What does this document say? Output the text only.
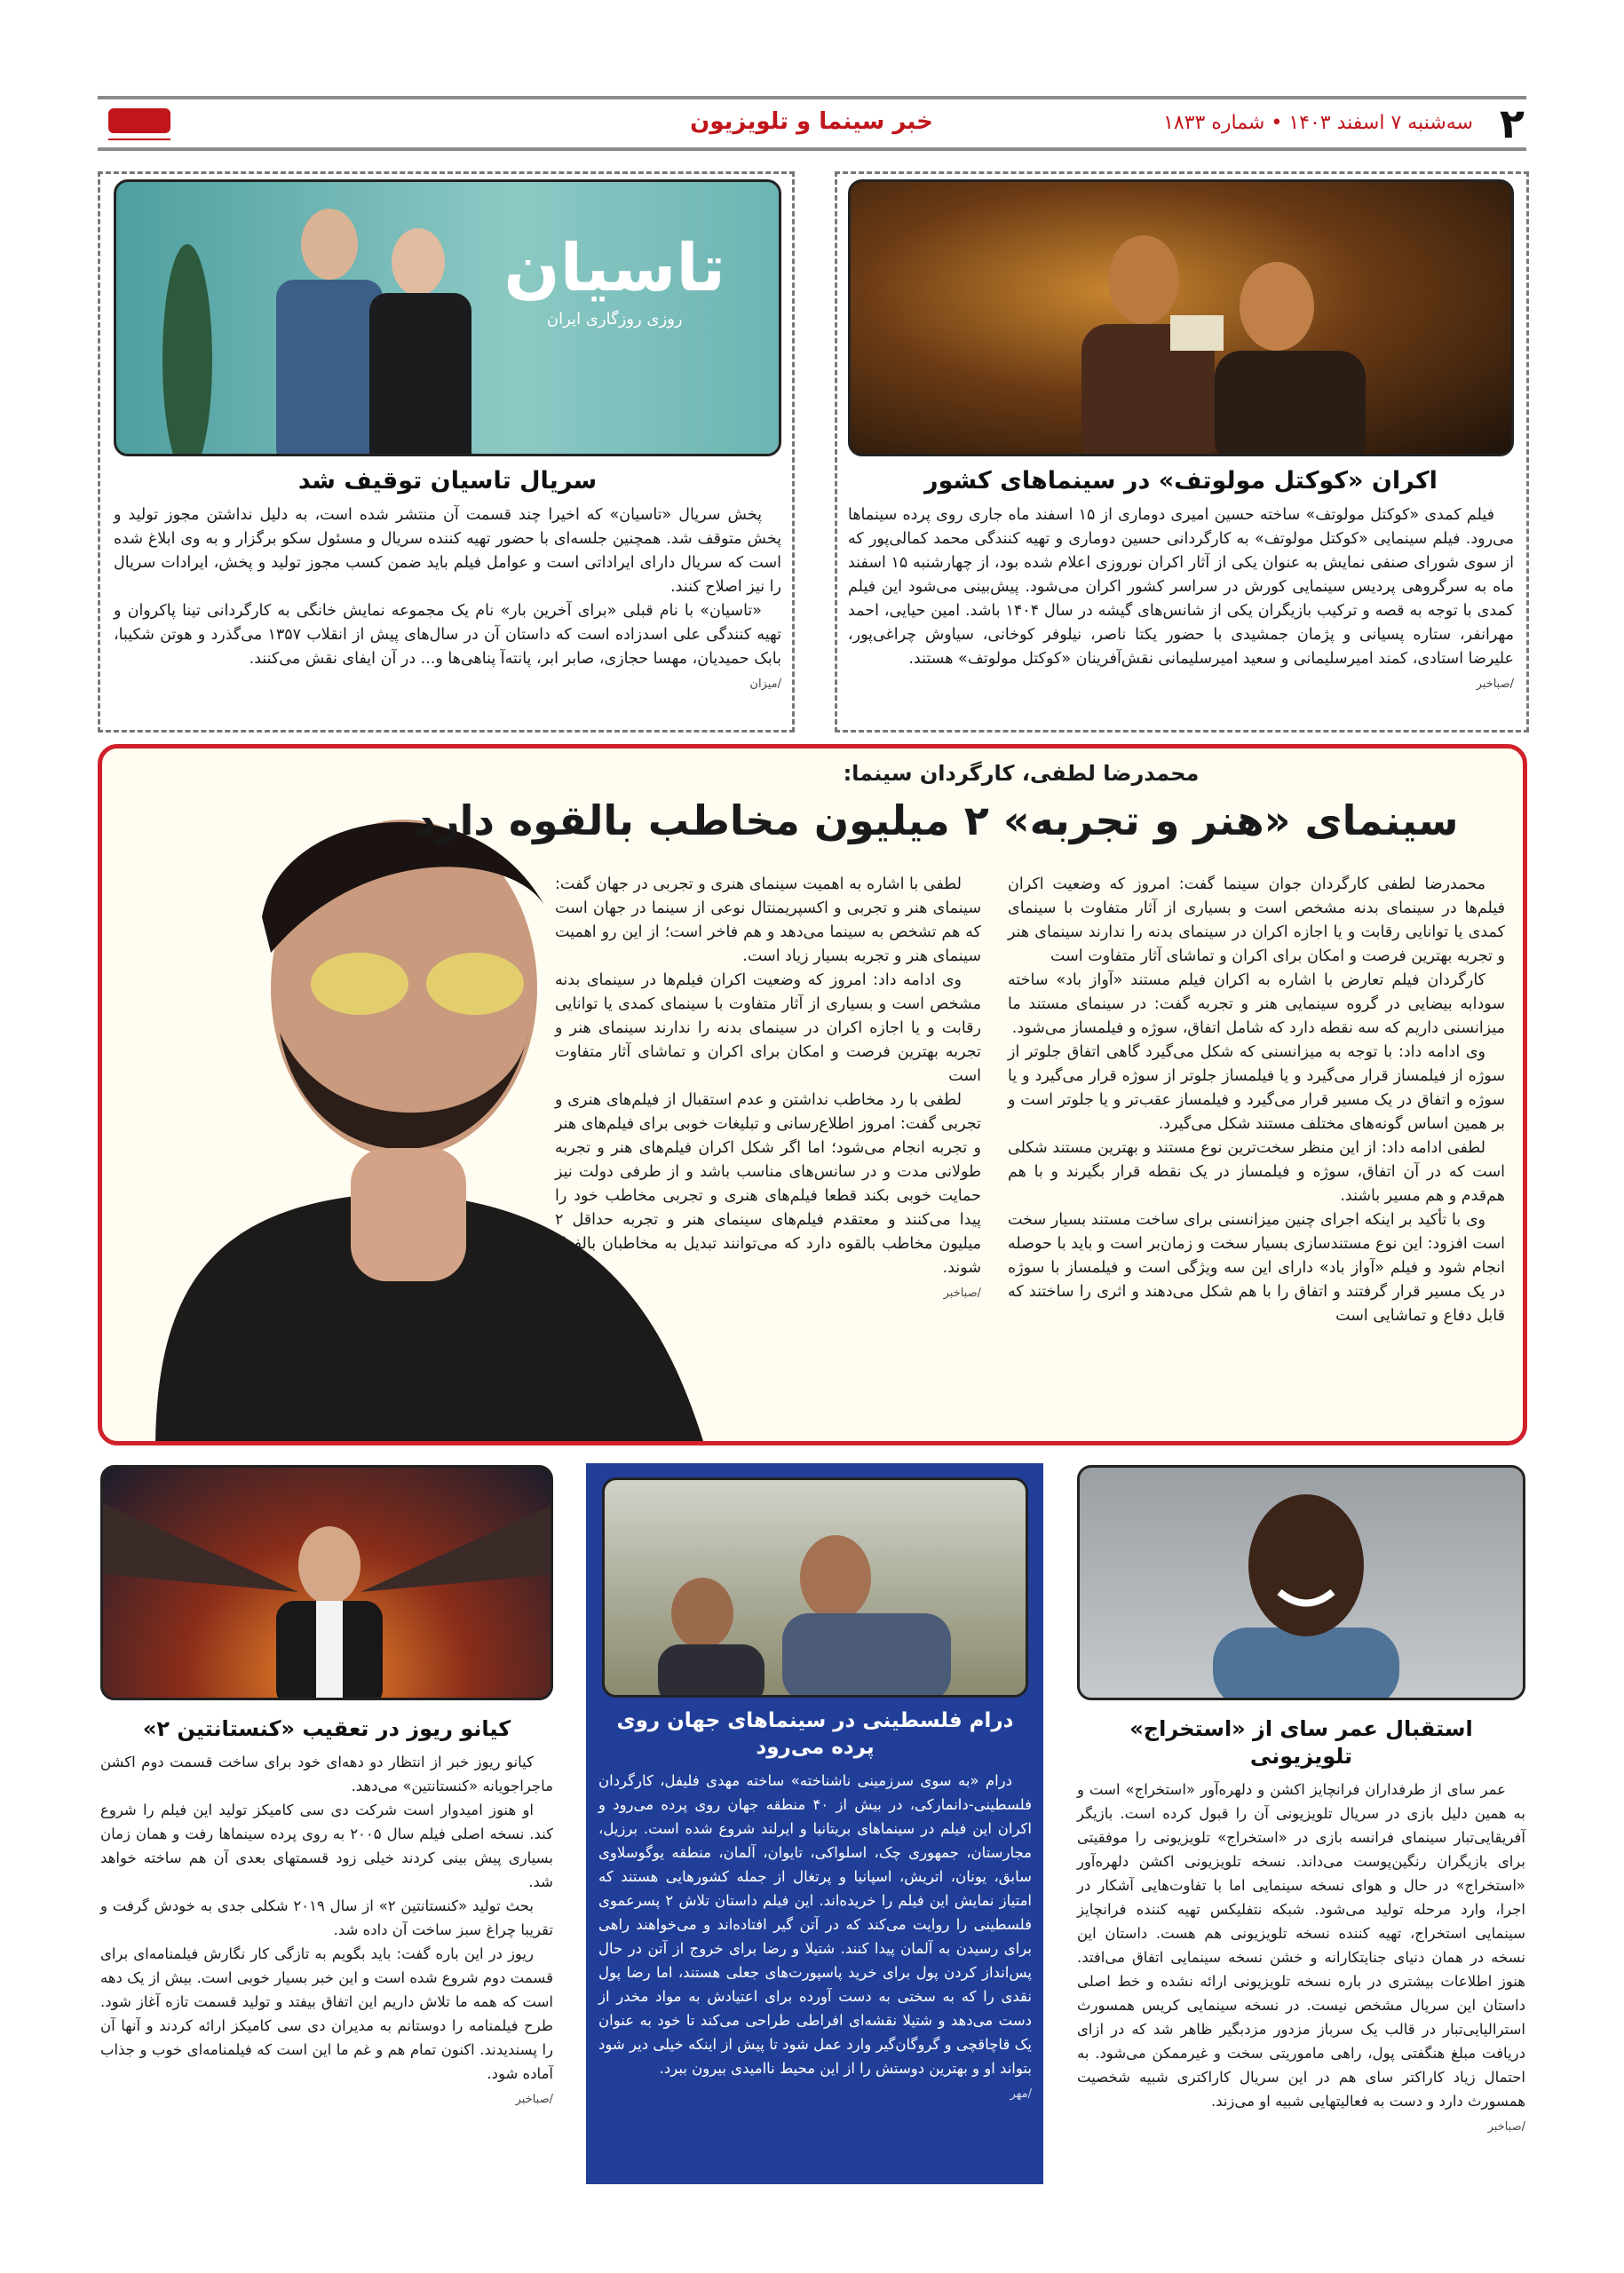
۲
سه‌شنبه ۷ اسفند ۱۴۰۳ • شماره ۱۸۳۳
خبر سینما و تلویزیون
اکران «کوکتل مولوتف» در سینماهای کشور

فیلم کمدی «کوکتل مولوتف» ساخته حسین امیری دوماری از ۱۵ اسفند ماه جاری روی پرده سینماها می‌رود. فیلم سینمایی «کوکتل مولوتف» به کارگردانی حسین دوماری و تهیه کنندگی محمد کمالی‌پور که از سوی شورای صنفی نمایش به عنوان یکی از آثار اکران نوروزی اعلام شده بود، از چهارشنبه ۱۵ اسفند ماه به سرگروهی پردیس سینمایی کورش در سراسر کشور اکران می‌شود. پیش‌بینی می‌شود این فیلم کمدی با توجه به قصه و ترکیب بازیگران یکی از شانس‌های گیشه در سال ۱۴۰۴ باشد. امین حیایی، احمد مهرانفر، ستاره پسیانی و پژمان جمشیدی با حضور یکتا ناصر، نیلوفر کوخانی، سیاوش چراغی‌پور، علیرضا استادی، کمند امیرسلیمانی و سعید امیرسلیمانی نقش‌آفرینان «کوکتل مولوتف» هستند.

/صباخبر
تاسیان
روزی روزگاری ایران
سریال تاسیان توقیف شد

پخش سریال «تاسیان» که اخیرا چند قسمت آن منتشر شده است، به دلیل نداشتن مجوز تولید و پخش متوقف شد. همچنین جلسه‌ای با حضور تهیه کننده سریال و مسئول سکو برگزار و به وی ابلاغ شده است که سریال دارای ایراداتی است و عوامل فیلم باید ضمن کسب مجوز تولید و پخش، ایرادات سریال را نیز اصلاح کنند.

«تاسیان» با نام قبلی «برای آخرین بار» نام یک مجموعه نمایش خانگی به کارگردانی تینا پاکروان و تهیه کنندگی علی اسدزاده است که داستان آن در سال‌های پیش از انقلاب ۱۳۵۷ می‌گذرد و هوتن شکیبا، بابک حمیدیان، مهسا حجازی، صابر ابر، پانته‌آ پناهی‌ها و... در آن ایفای نقش می‌کنند.

/میزان
محمدرضا لطفی، کارگردان سینما:
سینمای «هنر و تجربه» ۲ میلیون مخاطب بالقوه دارد

محمدرضا لطفی کارگردان جوان سینما گفت: امروز که وضعیت اکران فیلم‌ها در سینمای بدنه مشخص است و بسیاری از آثار متفاوت با سینمای کمدی یا توانایی رقابت و یا اجازه اکران در سینمای بدنه را ندارند سینمای هنر و تجربه بهترین فرصت و امکان برای اکران و تماشای آثار متفاوت است

کارگردان فیلم تعارض با اشاره به اکران فیلم مستند «آواز باد» ساخته سودابه بیضایی در گروه سینمایی هنر و تجربه گفت: در سینمای مستند ما میزانسنی داریم که سه نقطه دارد که شامل اتفاق، سوژه و فیلمساز می‌شود.

وی ادامه داد: با توجه به میزانسنی که شکل می‌گیرد گاهی اتفاق جلوتر از سوژه از فیلمساز قرار می‌گیرد و یا فیلمساز جلوتر از سوژه قرار می‌گیرد و یا سوژه و اتفاق در یک مسیر قرار می‌گیرد و فیلمساز عقب‌تر و یا جلوتر است و بر همین اساس گونه‌های مختلف مستند شکل می‌گیرد.

لطفی ادامه داد: از این منظر سخت‌ترین نوع مستند و بهترین مستند شکلی است که در آن اتفاق، سوژه و فیلمساز در یک نقطه قرار بگیرند و با هم هم‌قدم و هم مسیر باشند.

وی با تأکید بر اینکه اجرای چنین میزانسنی برای ساخت مستند بسیار سخت است افزود: این نوع مستندسازی بسیار سخت و زمان‌بر است و باید با حوصله انجام شود و فیلم «آواز باد» دارای این سه ویژگی است و فیلمساز با سوژه در یک مسیر قرار گرفتند و اتفاق را با هم شکل می‌دهند و اثری را ساختند که قابل دفاع و تماشایی است

لطفی با اشاره به اهمیت سینمای هنری و تجربی در جهان گفت: سینمای هنر و تجربی و اکسپریمنتال نوعی از سینما در جهان است که هم تشخص به سینما می‌دهد و هم فاخر است؛ از این رو اهمیت سینمای هنر و تجربه بسیار زیاد است.

وی ادامه داد: امروز که وضعیت اکران فیلم‌ها در سینمای بدنه مشخص است و بسیاری از آثار متفاوت با سینمای کمدی یا توانایی رقابت و یا اجازه اکران در سینمای بدنه را ندارند سینمای هنر و تجربه بهترین فرصت و امکان برای اکران و تماشای آثار متفاوت است

لطفی با رد مخاطب نداشتن و عدم استقبال از فیلم‌های هنری و تجربی گفت: امروز اطلاع‌رسانی و تبلیغات خوبی برای فیلم‌های هنر و تجربه انجام می‌شود؛ اما اگر شکل اکران فیلم‌های هنر و تجربه طولانی مدت و در سانس‌های مناسب باشد و از طرفی دولت نیز حمایت خوبی بکند قطعا فیلم‌های هنری و تجربی مخاطب خود را پیدا می‌کنند و معتقدم فیلم‌های سینمای هنر و تجربه حداقل ۲ میلیون مخاطب بالقوه دارد که می‌توانند تبدیل به مخاطبان بالفعل شوند.

/صباخبر
استقبال عمر سای از «استخراج» تلویزیونی

عمر سای از طرفداران فرانچایز اکشن و دلهره‌آور «استخراج» است و به همین دلیل بازی در سریال تلویزیونی آن را قبول کرده است. بازیگر آفریقایی‌تبار سینمای فرانسه بازی در «استخراج» تلویزیونی را موفقیتی برای بازیگران رنگین‌پوست می‌داند. نسخه تلویزیونی اکشن دلهره‌آور «استخراج» در حال و هوای نسخه سینمایی اما با تفاوت‌هایی آشکار در اجرا، وارد مرحله تولید می‌شود. شبکه نتفلیکس تهیه کننده فرانچایز سینمایی استخراج، تهیه کننده نسخه تلویزیونی هم هست. داستان این نسخه در همان دنیای جنایتکارانه و خشن نسخه سینمایی اتفاق می‌افتد. هنوز اطلاعات بیشتری در باره نسخه تلویزیونی ارائه نشده و خط اصلی داستان این سریال مشخص نیست. در نسخه سینمایی کریس همسورث استرالیایی‌تبار در قالب یک سرباز مزدور مزدبگیر ظاهر شد که در ازای دریافت مبلغ هنگفتی پول، راهی ماموریتی سخت و غیرممکن می‌شود. به احتمال زیاد کاراکتر سای هم در این سریال کاراکتری شبیه شخصیت همسورث دارد و دست به فعالیتهایی شبیه او می‌زند.

/صباخبر
درام فلسطینی در سینماهای جهان روی پرده می‌رود

درام «به سوی سرزمینی ناشناخته» ساخته مهدی فلیفل، کارگردان فلسطینی-دانمارکی، در بیش از ۴۰ منطقه جهان روی پرده می‌رود و اکران این فیلم در سینماهای بریتانیا و ایرلند شروع شده است. برزیل، مجارستان، جمهوری چک، اسلواکی، تایوان، آلمان، منطقه یوگوسلاوی سابق، یونان، اتریش، اسپانیا و پرتغال از جمله کشورهایی هستند که امتیاز نمایش این فیلم را خریده‌اند. این فیلم داستان تلاش ۲ پسرعموی فلسطینی را روایت می‌کند که در آتن گیر افتاده‌اند و می‌خواهند راهی برای رسیدن به آلمان پیدا کنند. شتیلا و رضا برای خروج از آتن در حال پس‌انداز کردن پول برای خرید پاسپورت‌های جعلی هستند، اما رضا پول نقدی را که به سختی به دست آورده برای اعتیادش به مواد مخدر از دست می‌دهد و شتیلا نقشه‌ای افراطی طراحی می‌کند تا خود به عنوان یک قاچاقچی و گروگان‌گیر وارد عمل شود تا پیش از اینکه خیلی دیر شود بتواند او و بهترین دوستش را از این محیط ناامیدی بیرون ببرد.

/مهر
کیانو ریوز در تعقیب «کنستانتین ۲»

کیانو ریوز خبر از انتظار دو دهه‌ای خود برای ساخت قسمت دوم اکشن ماجراجویانه «کنستانتین» می‌دهد.

او هنوز امیدوار است شرکت دی سی کامیکز تولید این فیلم را شروع کند. نسخه اصلی فیلم سال ۲۰۰۵ به روی پرده سینماها رفت و همان زمان بسیاری پیش بینی کردند خیلی زود قسمتهای بعدی آن هم ساخته خواهد شد.

بحث تولید «کنستانتین ۲» از سال ۲۰۱۹ شکلی جدی به خودش گرفت و تقریبا چراغ سبز ساخت آن داده شد.

ریوز در این باره گفت: باید بگویم به تازگی کار نگارش فیلمنامه‌ای برای قسمت دوم شروع شده است و این خبر بسیار خوبی است. بیش از یک دهه است که همه ما تلاش داریم این اتفاق بیفتد و تولید قسمت تازه آغاز شود. طرح فیلمنامه را دوستانم به مدیران دی سی کامیکز ارائه کردند و آنها آن را پسندیدند. اکنون تمام هم و غم ما این است که فیلمنامه‌ای خوب و جذاب آماده شود.

/صباخبر
